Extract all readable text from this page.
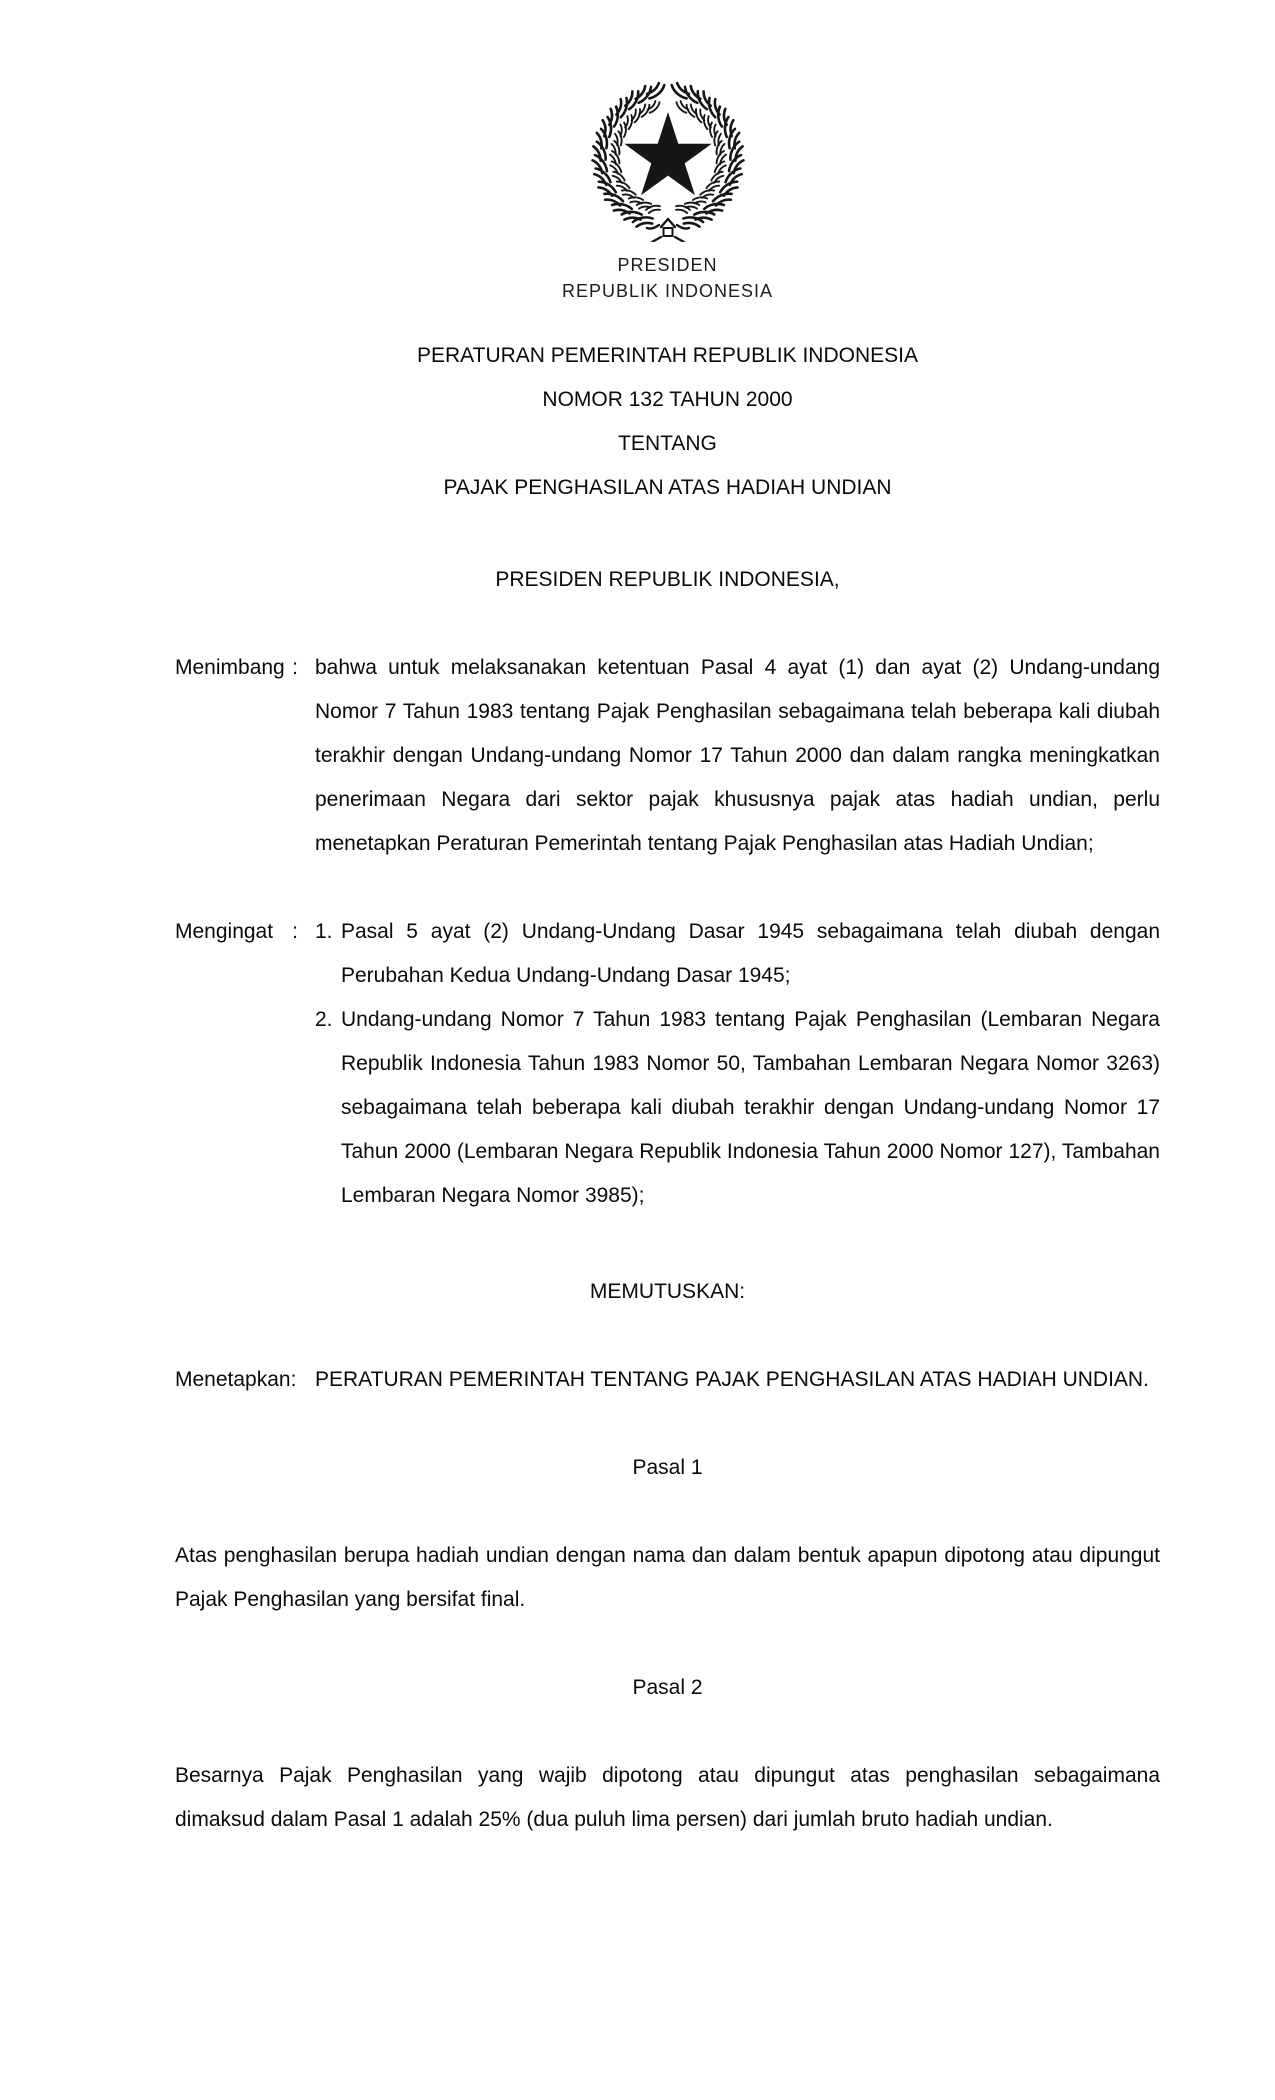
PRESIDEN
REPUBLIK INDONESIA
PERATURAN PEMERINTAH REPUBLIK INDONESIA
NOMOR 132 TAHUN 2000
TENTANG
PAJAK PENGHASILAN ATAS HADIAH UNDIAN
PRESIDEN REPUBLIK INDONESIA,
Menimbang : bahwa untuk melaksanakan ketentuan Pasal 4 ayat (1) dan ayat (2) Undang-undang Nomor 7 Tahun 1983 tentang Pajak Penghasilan sebagaimana telah beberapa kali diubah terakhir dengan Undang-undang Nomor 17 Tahun 2000 dan dalam rangka meningkatkan penerimaan Negara dari sektor pajak khususnya pajak atas hadiah undian, perlu menetapkan Peraturan Pemerintah tentang Pajak Penghasilan atas Hadiah Undian;
Mengingat : 1. Pasal 5 ayat (2) Undang-Undang Dasar 1945 sebagaimana telah diubah dengan Perubahan Kedua Undang-Undang Dasar 1945;
2. Undang-undang Nomor 7 Tahun 1983 tentang Pajak Penghasilan (Lembaran Negara Republik Indonesia Tahun 1983 Nomor 50, Tambahan Lembaran Negara Nomor 3263) sebagaimana telah beberapa kali diubah terakhir dengan Undang-undang Nomor 17 Tahun 2000 (Lembaran Negara Republik Indonesia Tahun 2000 Nomor 127), Tambahan Lembaran Negara Nomor 3985);
MEMUTUSKAN:
Menetapkan: PERATURAN PEMERINTAH TENTANG PAJAK PENGHASILAN ATAS HADIAH UNDIAN.
Pasal 1
Atas penghasilan berupa hadiah undian dengan nama dan dalam bentuk apapun dipotong atau dipungut Pajak Penghasilan yang bersifat final.
Pasal 2
Besarnya Pajak Penghasilan yang wajib dipotong atau dipungut atas penghasilan sebagaimana dimaksud dalam Pasal 1 adalah 25% (dua puluh lima persen) dari jumlah bruto hadiah undian.
